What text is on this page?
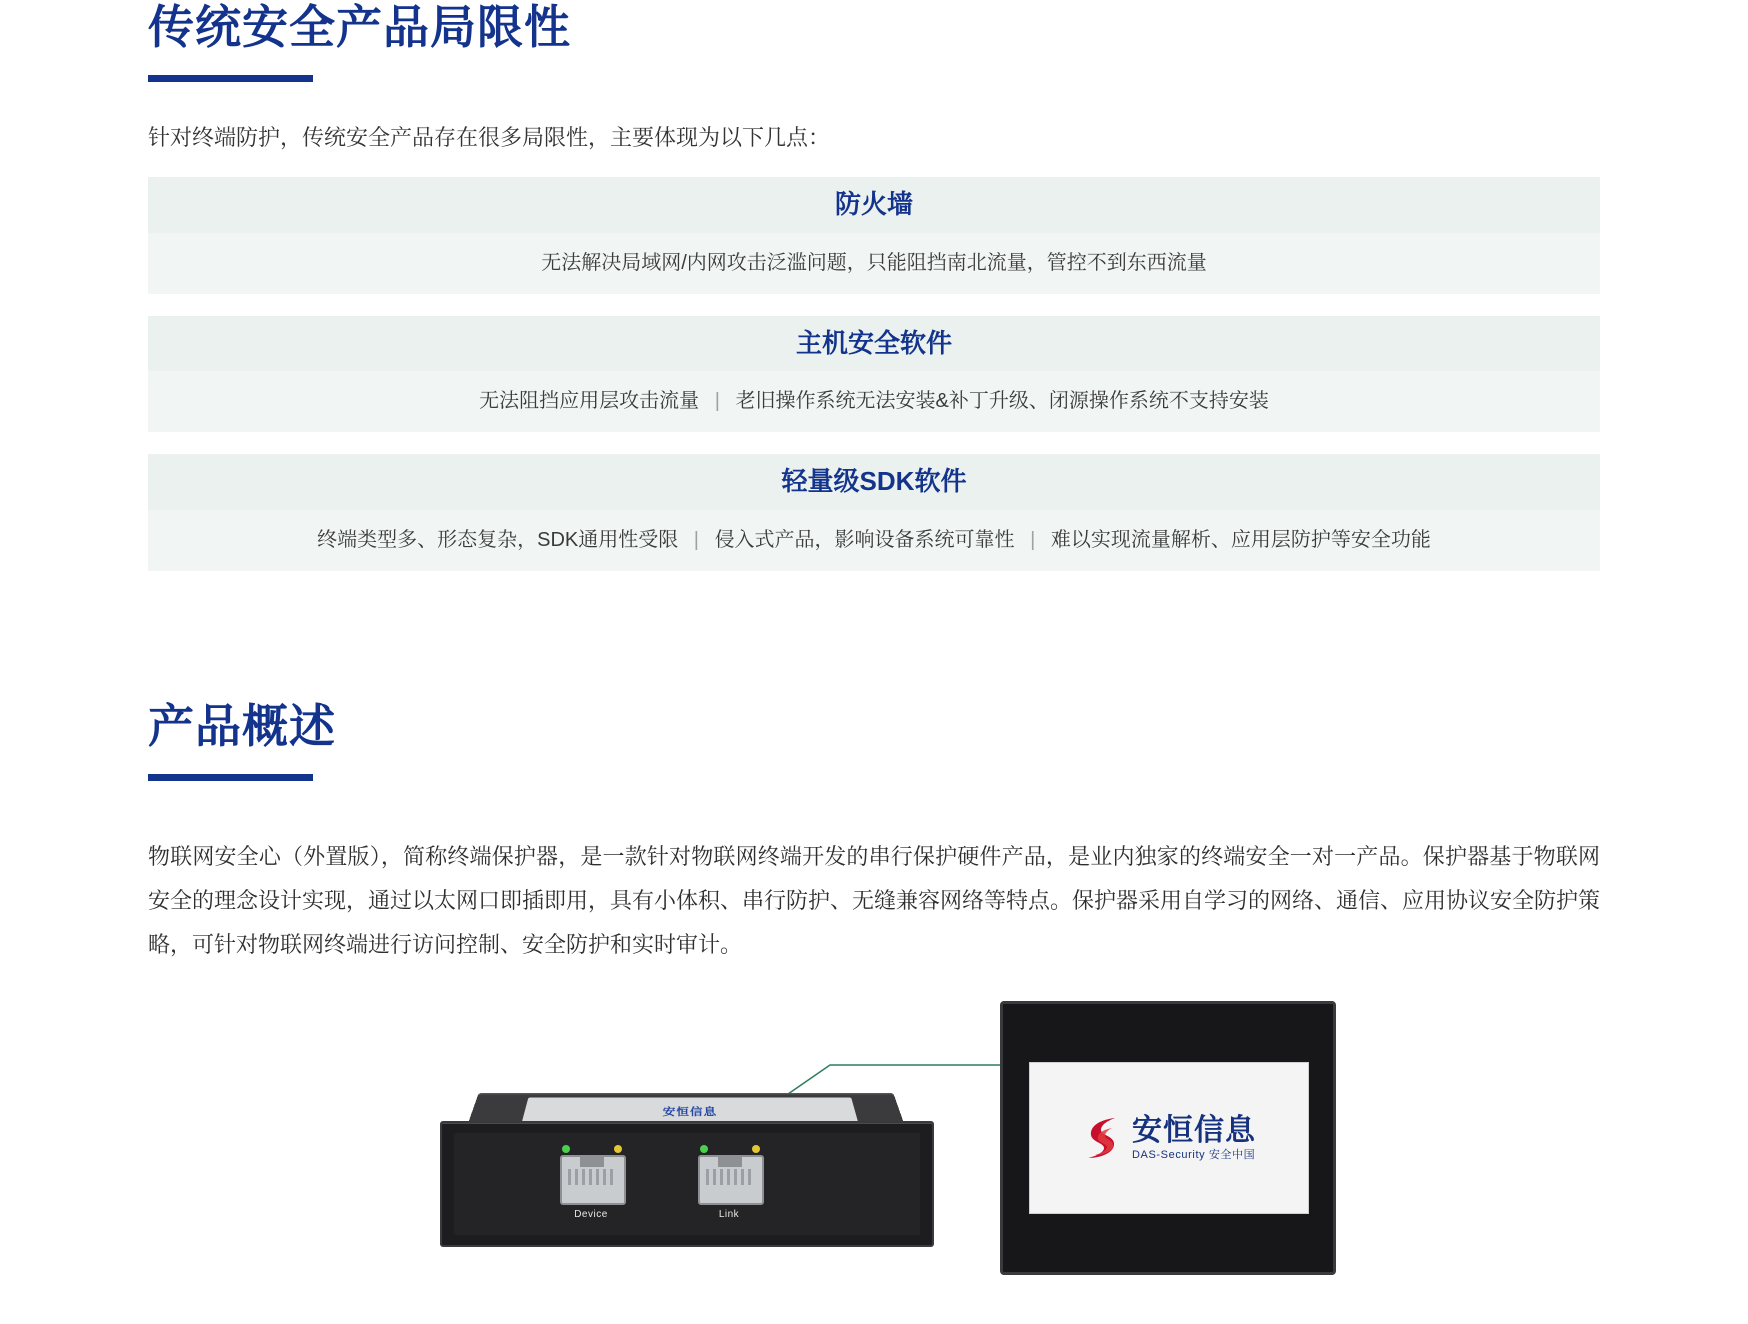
传统安全产品局限性

针对终端防护，传统安全产品存在很多局限性，主要体现为以下几点：

防火墙
无法解决局域网/内网攻击泛滥问题，只能阻挡南北流量，管控不到东西流量
主机安全软件
无法阻挡应用层攻击流量 | 老旧操作系统无法安装&补丁升级、闭源操作系统不支持安装
轻量级SDK软件
终端类型多、形态复杂，SDK通用性受限 | 侵入式产品，影响设备系统可靠性 | 难以实现流量解析、应用层防护等安全功能
产品概述

物联网安全心（外置版），简称终端保护器，是一款针对物联网终端开发的串行保护硬件产品，是业内独家的终端安全一对一产品。保护器基于物联网安全的理念设计实现，通过以太网口即插即用，具有小体积、串行防护、无缝兼容网络等特点。保护器采用自学习的网络、通信、应用协议安全防护策略，可针对物联网终端进行访问控制、安全防护和实时审计。

安恒信息
Device	Link
安恒信息
DAS-Security 安全中国
